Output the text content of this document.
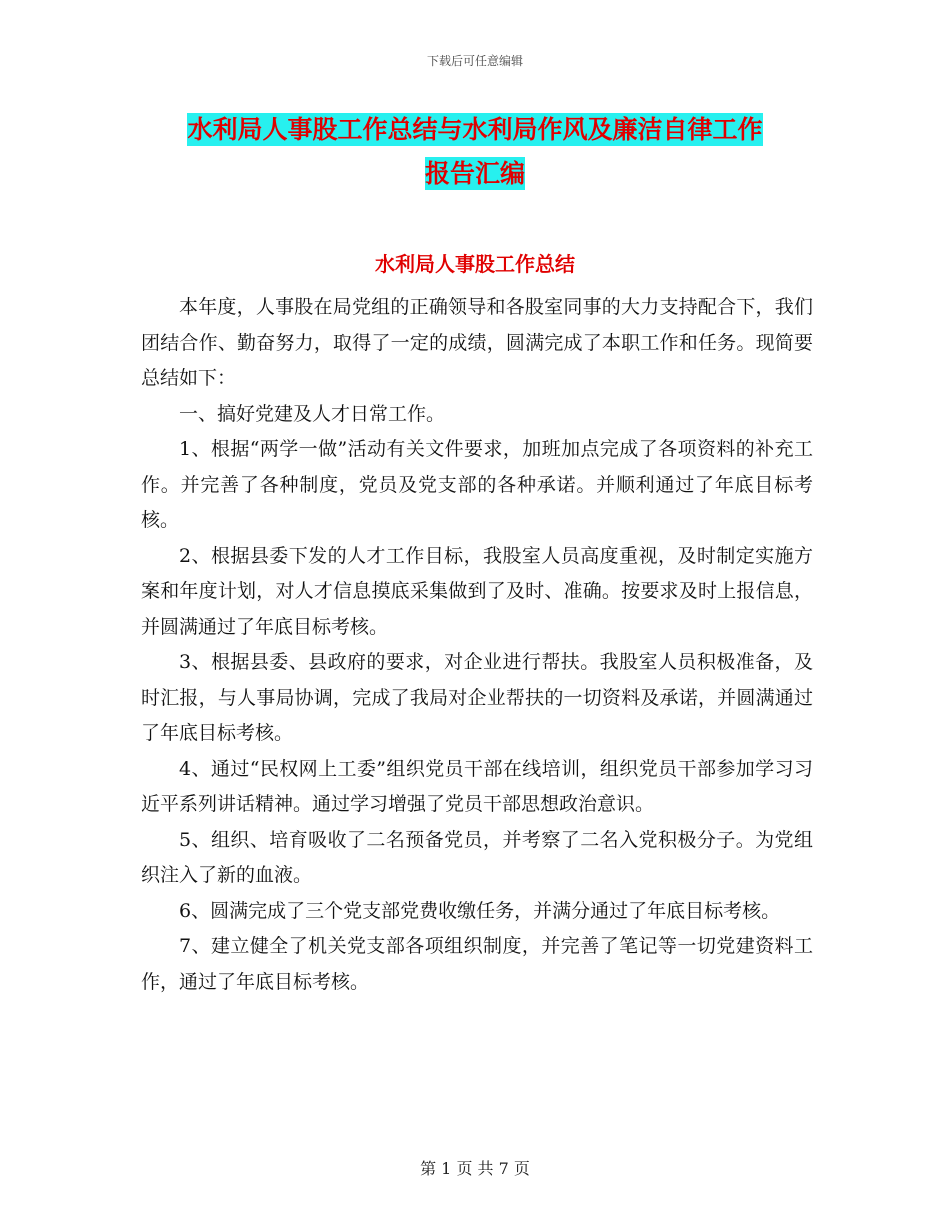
下载后可任意编辑
水利局人事股工作总结与水利局作风及廉洁自律工作
报告汇编
水利局人事股工作总结

本年度，人事股在局党组的正确领导和各股室同事的大力支持配合下，我们团结合作、勤奋努力，取得了一定的成绩，圆满完成了本职工作和任务。现简要总结如下：

一、搞好党建及人才日常工作。

1、根据“两学一做”活动有关文件要求，加班加点完成了各项资料的补充工作。并完善了各种制度，党员及党支部的各种承诺。并顺利通过了年底目标考核。

2、根据县委下发的人才工作目标，我股室人员高度重视，及时制定实施方案和年度计划，对人才信息摸底采集做到了及时、准确。按要求及时上报信息，并圆满通过了年底目标考核。

3、根据县委、县政府的要求，对企业进行帮扶。我股室人员积极准备，及时汇报，与人事局协调，完成了我局对企业帮扶的一切资料及承诺，并圆满通过了年底目标考核。

4、通过“民权网上工委”组织党员干部在线培训，组织党员干部参加学习习近平系列讲话精神。通过学习增强了党员干部思想政治意识。

5、组织、培育吸收了二名预备党员，并考察了二名入党积极分子。为党组织注入了新的血液。

6、圆满完成了三个党支部党费收缴任务，并满分通过了年底目标考核。

7、建立健全了机关党支部各项组织制度，并完善了笔记等一切党建资料工作，通过了年底目标考核。

第 1 页 共 7 页
